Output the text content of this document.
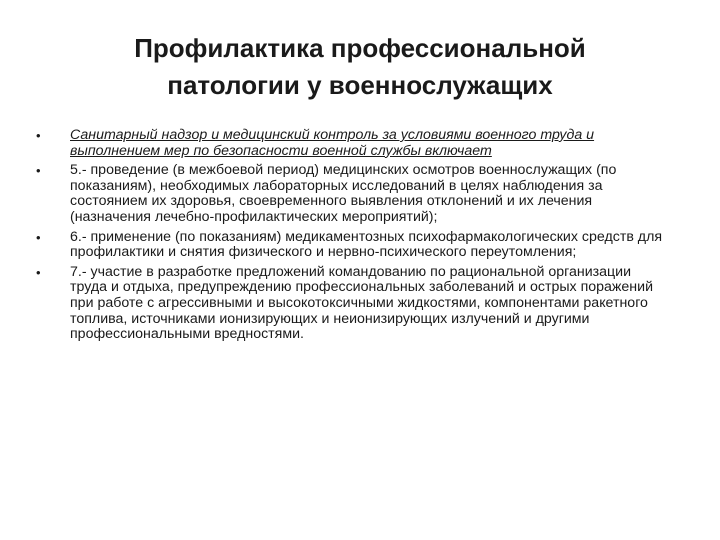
Профилактика профессиональной
патологии у военнослужащих
•	Санитарный надзор и медицинский контроль за условиями военного труда и выполнением мер по безопасности военной службы включает
•	5.- проведение (в межбоевой период) медицинских осмотров военнослужащих (по показаниям), необходимых лабораторных исследований в целях наблюдения за состоянием их здоровья, своевременного выявления отклонений и их лечения (назначения лечебно-профилактических мероприятий);
•	6.- применение (по показаниям) медикаментозных психофармакологических средств для профилактики и снятия физического и нервно-психического переутомления;
•	7.- участие в разработке предложений командованию по рациональной организации труда и отдыха, предупреждению профессиональных заболеваний и острых поражений при работе с агрессивными и высокотоксичными жидкостями, компонентами ракетного топлива, источниками ионизирующих и неионизирующих излучений и другими профессиональными вредностями.
